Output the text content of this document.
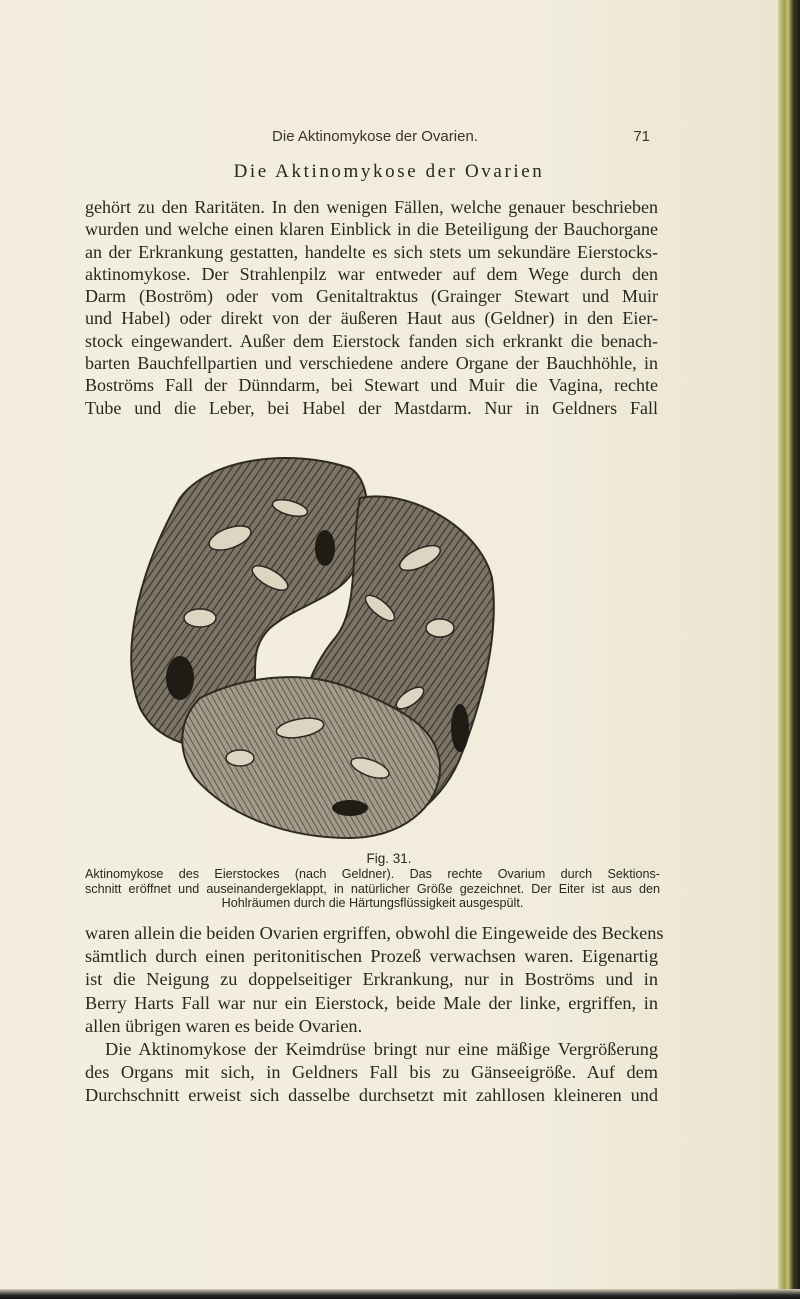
Die Aktinomykose der Ovarien.	71
Die Aktinomykose der Ovarien
gehört zu den Raritäten. In den wenigen Fällen, welche genauer beschrieben
wurden und welche einen klaren Einblick in die Beteiligung der Bauchorgane
an der Erkrankung gestatten, handelte es sich stets um sekundäre Eierstocks-
aktinomykose. Der Strahlenpilz war entweder auf dem Wege durch den
Darm (Boström) oder vom Genitaltraktus (Grainger Stewart und Muir
und Habel) oder direkt von der äußeren Haut aus (Geldner) in den Eier-
stock eingewandert. Außer dem Eierstock fanden sich erkrankt die benach-
barten Bauchfellpartien und verschiedene andere Organe der Bauchhöhle, in
Boströms Fall der Dünndarm, bei Stewart und Muir die Vagina, rechte
Tube und die Leber, bei Habel der Mastdarm. Nur in Geldners Fall
Fig. 31.
Aktinomykose des Eierstockes (nach Geldner). Das rechte Ovarium durch Sektions-
schnitt eröffnet und auseinandergeklappt, in natürlicher Größe gezeichnet. Der Eiter ist aus den
Hohlräumen durch die Härtungsflüssigkeit ausgespült.
waren allein die beiden Ovarien ergriffen, obwohl die Eingeweide des Beckens
sämtlich durch einen peritonitischen Prozeß verwachsen waren. Eigenartig
ist die Neigung zu doppelseitiger Erkrankung, nur in Boströms und in
Berry Harts Fall war nur ein Eierstock, beide Male der linke, ergriffen, in
allen übrigen waren es beide Ovarien.
Die Aktinomykose der Keimdrüse bringt nur eine mäßige Vergrößerung
des Organs mit sich, in Geldners Fall bis zu Gänseeigröße. Auf dem
Durchschnitt erweist sich dasselbe durchsetzt mit zahllosen kleineren und
